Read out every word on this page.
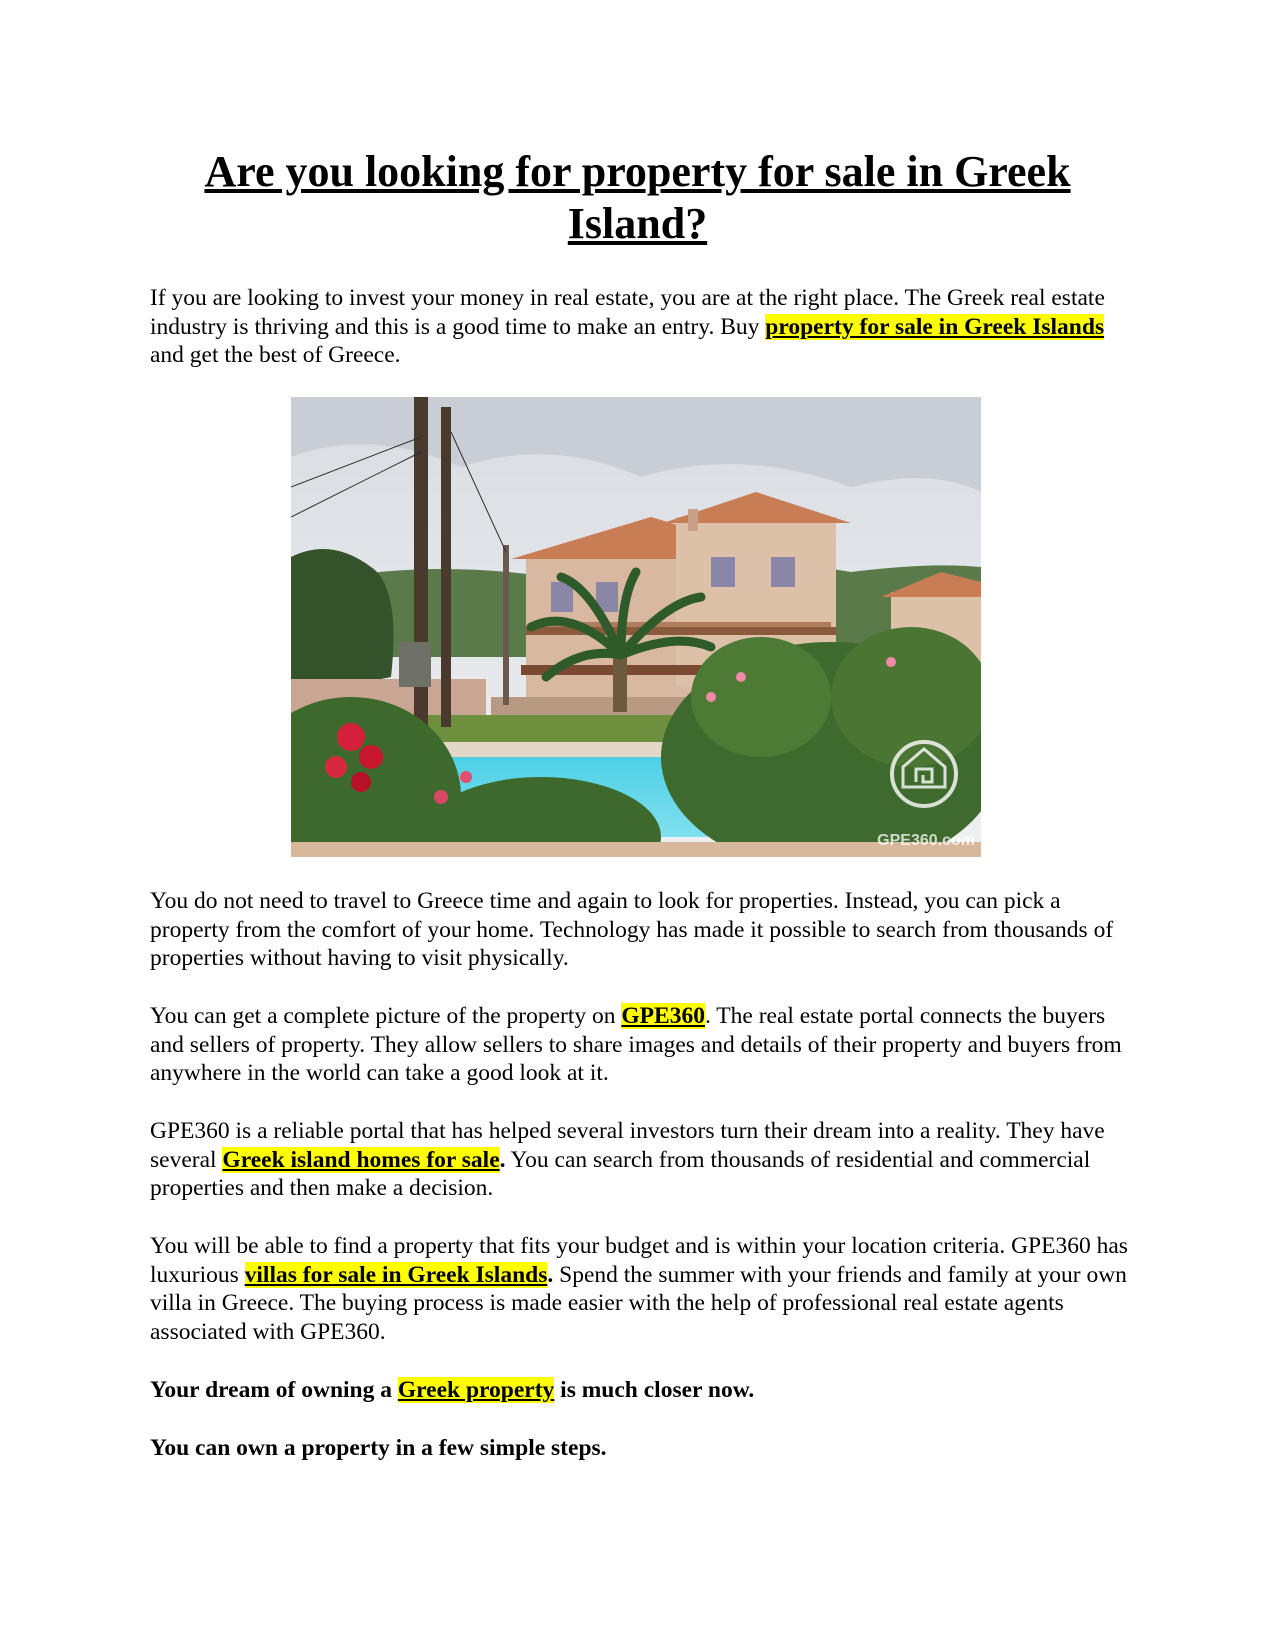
Are you looking for property for sale in Greek Island?

If you are looking to invest your money in real estate, you are at the right place. The Greek real estate industry is thriving and this is a good time to make an entry. Buy property for sale in Greek Islands and get the best of Greece.

GPE360.com

You do not need to travel to Greece time and again to look for properties. Instead, you can pick a property from the comfort of your home. Technology has made it possible to search from thousands of properties without having to visit physically.

You can get a complete picture of the property on GPE360. The real estate portal connects the buyers and sellers of property. They allow sellers to share images and details of their property and buyers from anywhere in the world can take a good look at it.

GPE360 is a reliable portal that has helped several investors turn their dream into a reality. They have several Greek island homes for sale. You can search from thousands of residential and commercial properties and then make a decision.

You will be able to find a property that fits your budget and is within your location criteria. GPE360 has luxurious villas for sale in Greek Islands. Spend the summer with your friends and family at your own villa in Greece. The buying process is made easier with the help of professional real estate agents associated with GPE360.

Your dream of owning a Greek property is much closer now.

You can own a property in a few simple steps.
